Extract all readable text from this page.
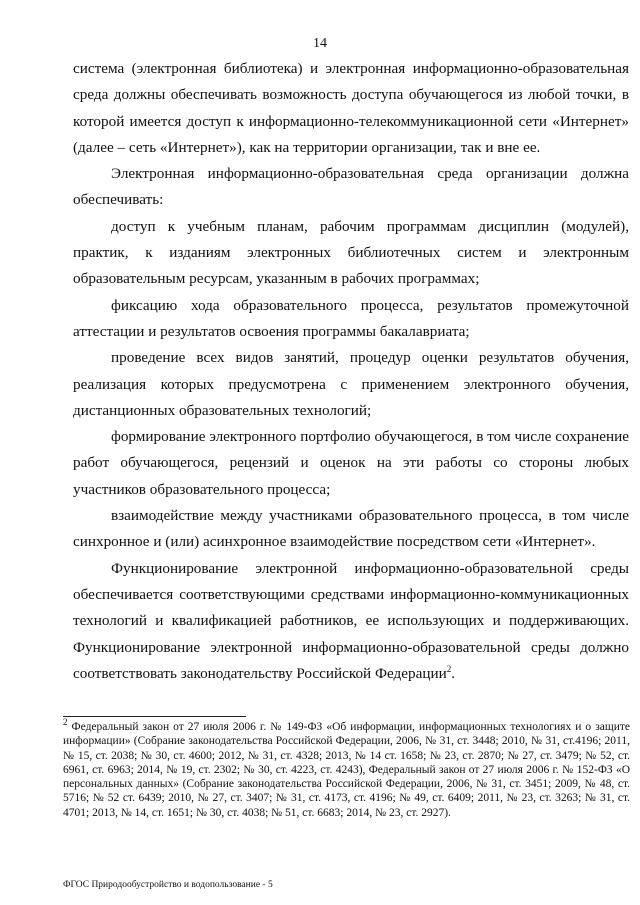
14

система (электронная библиотека) и электронная информационно-образовательная среда должны обеспечивать возможность доступа обучающегося из любой точки, в которой имеется доступ к информационно-телекоммуникационной сети «Интернет» (далее – сеть «Интернет»), как на территории организации, так и вне ее.

Электронная информационно-образовательная среда организации должна обеспечивать:

доступ к учебным планам, рабочим программам дисциплин (модулей), практик, к изданиям электронных библиотечных систем и электронным образовательным ресурсам, указанным в рабочих программах;

фиксацию хода образовательного процесса, результатов промежуточной аттестации и результатов освоения программы бакалавриата;

проведение всех видов занятий, процедур оценки результатов обучения, реализация которых предусмотрена с применением электронного обучения, дистанционных образовательных технологий;

формирование электронного портфолио обучающегося, в том числе сохранение работ обучающегося, рецензий и оценок на эти работы со стороны любых участников образовательного процесса;

взаимодействие между участниками образовательного процесса, в том числе синхронное и (или) асинхронное взаимодействие посредством сети «Интернет».

Функционирование электронной информационно-образовательной среды обеспечивается соответствующими средствами информационно-коммуникационных технологий и квалификацией работников, ее использующих и поддерживающих. Функционирование электронной информационно-образовательной среды должно соответствовать законодательству Российской Федерации$^2$.

$^2$ Федеральный закон от 27 июля 2006 г. № 149-ФЗ «Об информации, информационных технологиях и о защите информации» (Собрание законодательства Российской Федерации, 2006, № 31, ст. 3448; 2010, № 31, ст.4196; 2011, № 15, ст. 2038; № 30, ст. 4600; 2012, № 31, ст. 4328; 2013, № 14 ст. 1658; № 23, ст. 2870; № 27, ст. 3479; № 52, ст. 6961, ст. 6963; 2014, № 19, ст. 2302; № 30, ст. 4223, ст. 4243), Федеральный закон от 27 июля 2006 г. № 152-ФЗ «О персональных данных» (Собрание законодательства Российской Федерации, 2006, № 31, ст. 3451; 2009, № 48, ст. 5716; № 52 ст. 6439; 2010, № 27, ст. 3407; № 31, ст. 4173, ст. 4196; № 49, ст. 6409; 2011, № 23, ст. 3263; № 31, ст. 4701; 2013, № 14, ст. 1651; № 30, ст. 4038; № 51, ст. 6683; 2014, № 23, ст. 2927).
ФГОС Природообустройство и водопользование - 5
